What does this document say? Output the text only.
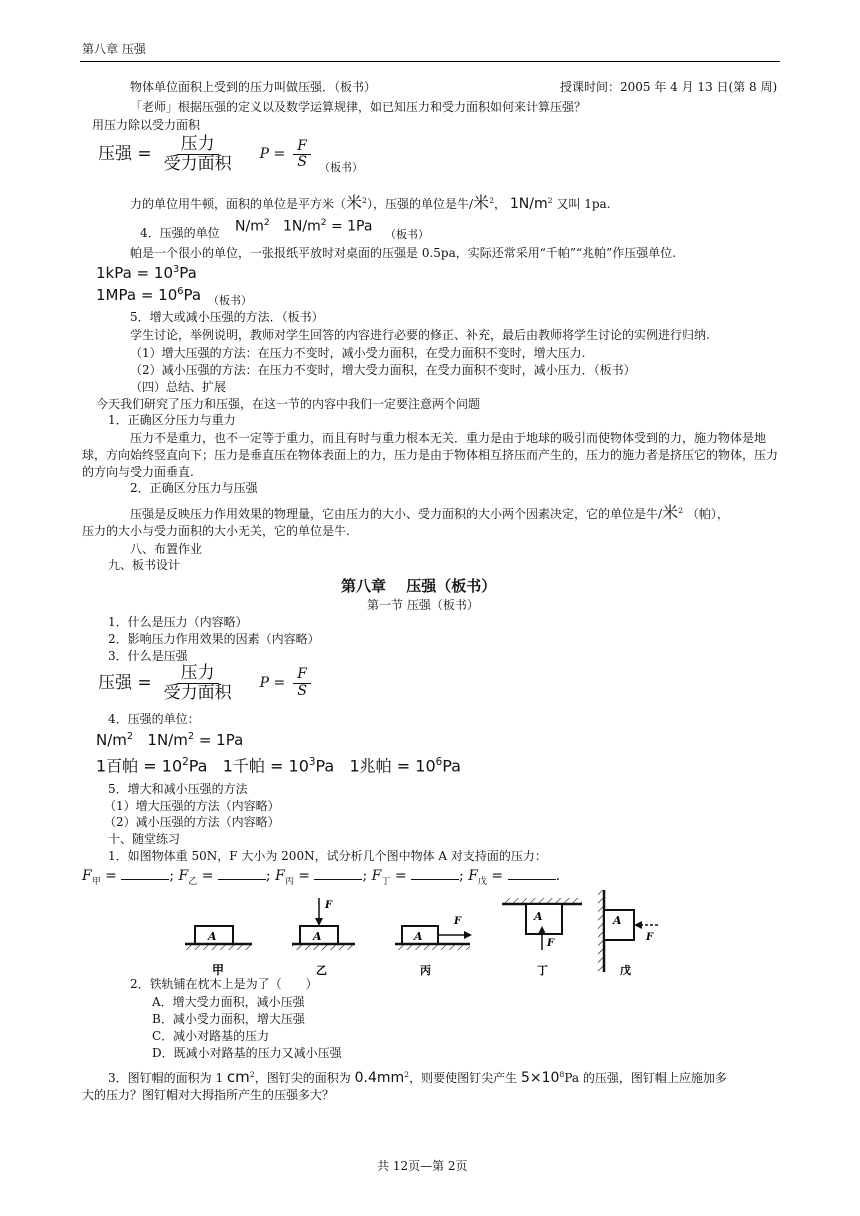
第八章 压强
物体单位面积上受到的压力叫做压强．（板书）	授课时间：2005 年 4 月 13 日(第 8 周)
「老师」根据压强的定义以及数学运算规律，如已知压力和受力面积如何来计算压强？
用压力除以受力面积
压强 = $\frac{\text{压力}}{\text{受力面积}}$ $P = \frac{F}{S}$ （板书）
力的单位用牛顿，面积的单位是平方米（米$^2$），压强的单位是牛/米$^2$， $1N/m^2$ 又叫 1pa.
4．压强的单位 $N/m^2$ $1N/m^2 = 1Pa$ （板书）
帕是一个很小的单位，一张报纸平放时对桌面的压强是 0.5pa，实际还常采用“千帕”“兆帕”作压强单位.
$1kPa = 10^3Pa$
$1MPa = 10^6Pa$ （板书）
5．增大或减小压强的方法．（板书）
学生讨论，举例说明，教师对学生回答的内容进行必要的修正、补充，最后由教师将学生讨论的实例进行归纳.
（1）增大压强的方法：在压力不变时，减小受力面积，在受力面积不变时，增大压力.
（2）减小压强的方法：在压力不变时，增大受力面积，在受力面积不变时，减小压力．（板书）
（四）总结、扩展
今天我们研究了压力和压强，在这一节的内容中我们一定要注意两个问题
1．正确区分压力与重力
压力不是重力，也不一定等于重力，而且有时与重力根本无关．重力是由于地球的吸引而使物体受到的力，施力物体是地球，方向始终竖直向下；压力是垂直压在物体表面上的力，压力是由于物体相互挤压而产生的，压力的施力者是挤压它的物体，压力的方向与受力面垂直.
2．正确区分压力与压强
压强是反映压力作用效果的物理量，它由压力的大小、受力面积的大小两个因素决定，它的单位是牛/米$^2$ （帕），
压力的大小与受力面积的大小无关，它的单位是牛.
八、布置作业
九、板书设计
第八章　 压强（板书）
第一节 压强（板书）
1．什么是压力（内容略）
2．影响压力作用效果的因素（内容略）
3．什么是压强
压强 = $\frac{\text{压力}}{\text{受力面积}}$ $P = \frac{F}{S}$
4．压强的单位：
$N/m^2$ $1N/m^2 = 1Pa$
1百帕 = $10^2Pa$ 1千帕 = $10^3Pa$ 1兆帕 = $10^6Pa$
5．增大和减小压强的方法
（1）增大压强的方法（内容略）
（2）减小压强的方法（内容略）
十、随堂练习
1．如图物体重 50N，F 大小为 200N，试分析几个图中物体 A 对支持面的压力：
$F_甲$ =	; $F_乙$ =	; $F_丙$ =	; $F_丁$ =	; $F_戊$ =	.
A	A
F
A
F	A
F
A
F
甲	乙	丙	丁	戊
2．铁轨铺在枕木上是为了（　　）
A．增大受力面积，减小压强
B．减小受力面积，增大压强
C．减小对路基的压力
D．既减小对路基的压力又减小压强
3．图钉帽的面积为 1 $cm^2$，图钉尖的面积为 $0.4mm^2$，则要使图钉尖产生 $5\times 10^8Pa$ 的压强，图钉帽上应施加多
大的压力？图钉帽对大拇指所产生的压强多大？
共 12页—第 2页
